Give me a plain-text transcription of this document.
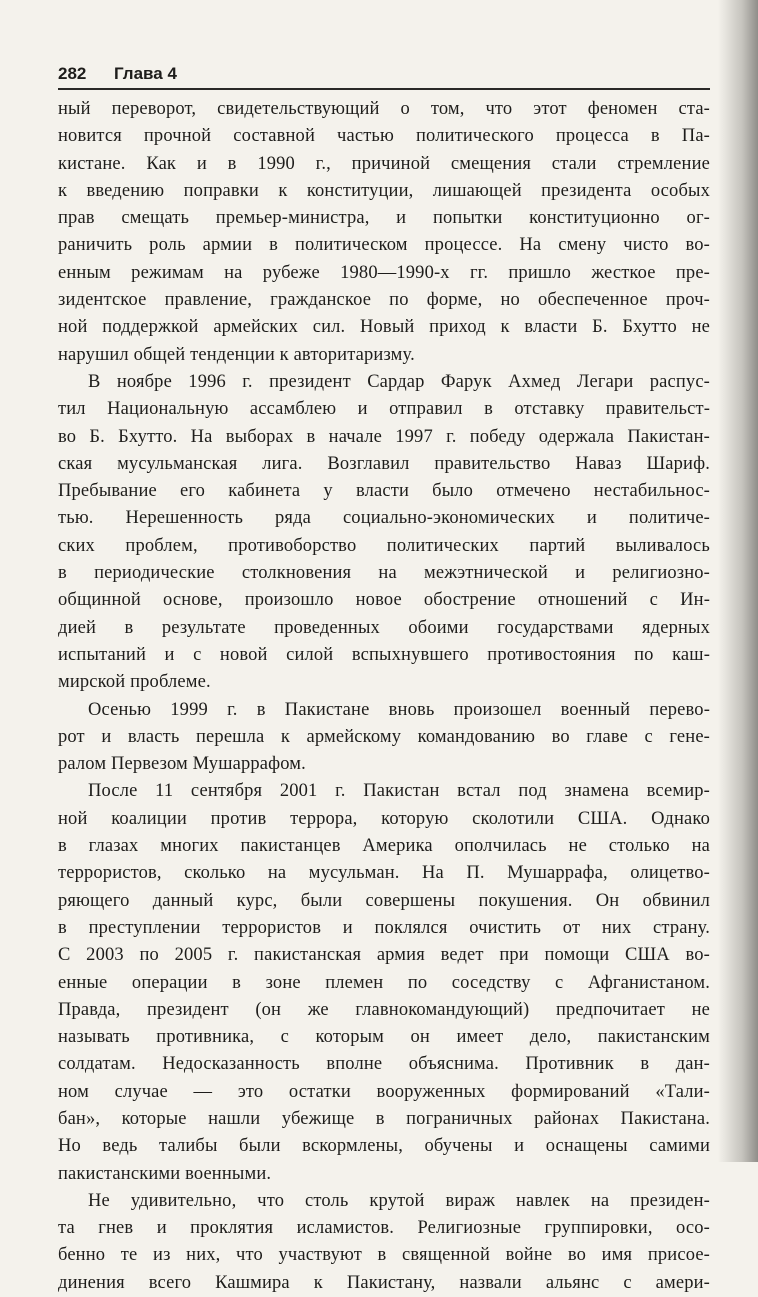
282 Глава 4
ный переворот, свидетельствующий о том, что этот феномен ста-
новится прочной составной частью политического процесса в Па-
кистане. Как и в 1990 г., причиной смещения стали стремление
к введению поправки к конституции, лишающей президента особых
прав смещать премьер-министра, и попытки конституционно ог-
раничить роль армии в политическом процессе. На смену чисто во-
енным режимам на рубеже 1980—1990-х гг. пришло жесткое пре-
зидентское правление, гражданское по форме, но обеспеченное проч-
ной поддержкой армейских сил. Новый приход к власти Б. Бхутто не
нарушил общей тенденции к авторитаризму.
В ноябре 1996 г. президент Сардар Фарук Ахмед Легари распус-
тил Национальную ассамблею и отправил в отставку правительст-
во Б. Бхутто. На выборах в начале 1997 г. победу одержала Пакистан-
ская мусульманская лига. Возглавил правительство Наваз Шариф.
Пребывание его кабинета у власти было отмечено нестабильнос-
тью. Нерешенность ряда социально-экономических и политиче-
ских проблем, противоборство политических партий выливалось
в периодические столкновения на межэтнической и религиозно-
общинной основе, произошло новое обострение отношений с Ин-
дией в результате проведенных обоими государствами ядерных
испытаний и с новой силой вспыхнувшего противостояния по каш-
мирской проблеме.
Осенью 1999 г. в Пакистане вновь произошел военный перево-
рот и власть перешла к армейскому командованию во главе с гене-
ралом Первезом Мушаррафом.
После 11 сентября 2001 г. Пакистан встал под знамена всемир-
ной коалиции против террора, которую сколотили США. Однако
в глазах многих пакистанцев Америка ополчилась не столько на
террористов, сколько на мусульман. На П. Мушаррафа, олицетво-
ряющего данный курс, были совершены покушения. Он обвинил
в преступлении террористов и поклялся очистить от них страну.
С 2003 по 2005 г. пакистанская армия ведет при помощи США во-
енные операции в зоне племен по соседству с Афганистаном.
Правда, президент (он же главнокомандующий) предпочитает не
называть противника, с которым он имеет дело, пакистанским
солдатам. Недосказанность вполне объяснима. Противник в дан-
ном случае — это остатки вооруженных формирований «Тали-
бан», которые нашли убежище в пограничных районах Пакистана.
Но ведь талибы были вскормлены, обучены и оснащены самими
пакистанскими военными.
Не удивительно, что столь крутой вираж навлек на президен-
та гнев и проклятия исламистов. Религиозные группировки, осо-
бенно те из них, что участвуют в священной войне во имя присое-
динения всего Кашмира к Пакистану, назвали альянс с амери-
